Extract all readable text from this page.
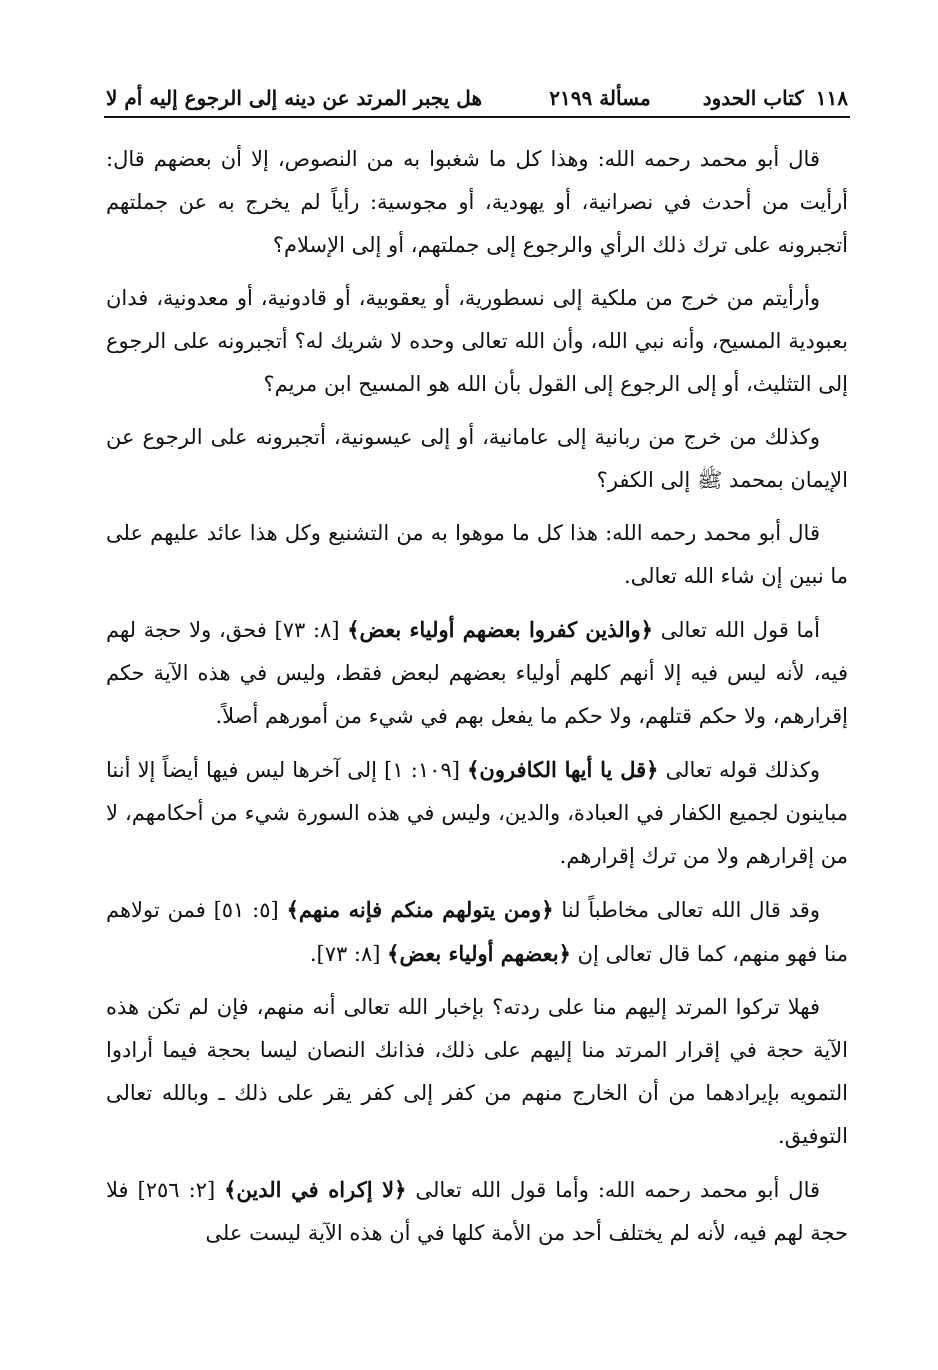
١١٨
كتاب الحدود
مسألة ٢١٩٩
هل يجبر المرتد عن دينه إلى الرجوع إليه أم لا

قال أبو محمد رحمه الله: وهذا كل ما شغبوا به من النصوص، إلا أن بعضهم قال: أرأيت من أحدث في نصرانية، أو يهودية، أو مجوسية: رأياً لم يخرج به عن جملتهم أتجبرونه على ترك ذلك الرأي والرجوع إلى جملتهم، أو إلى الإسلام؟

وأرأيتم من خرج من ملكية إلى نسطورية، أو يعقوبية، أو قادونية، أو معدونية، فدان بعبودية المسيح، وأنه نبي الله، وأن الله تعالى وحده لا شريك له؟ أتجبرونه على الرجوع إلى التثليث، أو إلى الرجوع إلى القول بأن الله هو المسيح ابن مريم؟

وكذلك من خرج من ربانية إلى عامانية، أو إلى عيسونية، أتجبرونه على الرجوع عن الإيمان بمحمد ﷺ إلى الكفر؟

قال أبو محمد رحمه الله: هذا كل ما موهوا به من التشنيع وكل هذا عائد عليهم على ما نبين إن شاء الله تعالى.

أما قول الله تعالى ﴿والذين كفروا بعضهم أولياء بعض﴾ [٨: ٧٣] فحق، ولا حجة لهم فيه، لأنه ليس فيه إلا أنهم كلهم أولياء بعضهم لبعض فقط، وليس في هذه الآية حكم إقرارهم، ولا حكم قتلهم، ولا حكم ما يفعل بهم في شيء من أمورهم أصلاً.

وكذلك قوله تعالى ﴿قل يا أيها الكافرون﴾ [١٠٩: ١] إلى آخرها ليس فيها أيضاً إلا أننا مباينون لجميع الكفار في العبادة، والدين، وليس في هذه السورة شيء من أحكامهم، لا من إقرارهم ولا من ترك إقرارهم.

وقد قال الله تعالى مخاطباً لنا ﴿ومن يتولهم منكم فإنه منهم﴾ [٥: ٥١] فمن تولاهم منا فهو منهم، كما قال تعالى إن ﴿بعضهم أولياء بعض﴾ [٨: ٧٣].

فهلا تركوا المرتد إليهم منا على ردته؟ بإخبار الله تعالى أنه منهم، فإن لم تكن هذه الآية حجة في إقرار المرتد منا إليهم على ذلك، فذانك النصان ليسا بحجة فيما أرادوا التمويه بإيرادهما من أن الخارج منهم من كفر إلى كفر يقر على ذلك ـ وبالله تعالى التوفيق.

قال أبو محمد رحمه الله: وأما قول الله تعالى ﴿لا إكراه في الدين﴾ [٢: ٢٥٦] فلا حجة لهم فيه، لأنه لم يختلف أحد من الأمة كلها في أن هذه الآية ليست على
